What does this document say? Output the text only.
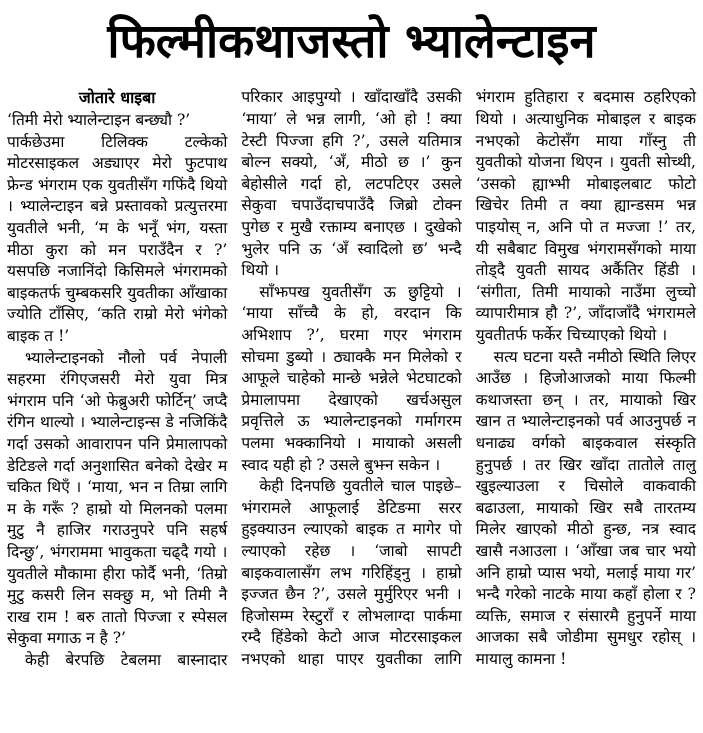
फिल्मीकथाजस्तो भ्यालेन्टाइन
जोतारे धाइबा

‘तिमी मेरो भ्यालेन्टाइन बन्छ्यौ ?’

पार्कछेउमा टिलिक्क टल्केको मोटरसाइकल अड्याएर मेरो फुटपाथ फ्रेन्ड भंगराम एक युवतीसँग गफिंदै थियो । भ्यालेन्टाइन बन्ने प्रस्तावको प्रत्युत्तरमा युवतीले भनी, ‘म के भनूँ भंग, यस्ता मीठा कुरा को मन पराउँदैन र ?’ यसपछि नजानिंदो किसिमले भंगरामको बाइकतर्फ चुम्बकसरि युवतीका आँखाका ज्योति टाँसिए, ‘कति राम्रो मेरो भंगेको बाइक त !’

भ्यालेन्टाइनको नौलो पर्व नेपाली सहरमा रंगिएजसरी मेरो युवा मित्र भंगराम पनि ‘ओ फेब्रुअरी फोर्टिन्’ जप्दै रंगिन थाल्यो । भ्यालेन्टाइन्स डे नजिकिंदै गर्दा उसको आवारापन पनि प्रेमालापको डेटिङले गर्दा अनुशासित बनेको देखेर म चकित थिएँ । ‘माया, भन न तिम्रा लागि म के गरूँ ? हाम्रो यो मिलनको पलमा मुटु नै हाजिर गराउनुपरे पनि सहर्ष दिन्छु’, भंगराममा भावुकता चढ्दै गयो । युवतीले मौकामा हीरा फोर्दै भनी, ‘तिम्रो मुटु कसरी लिन सक्छु म, भो तिमी नै राख राम ! बरु तातो पिज्जा र स्पेसल सेकुवा मगाऊ न है ?’

केही बेरपछि टेबलमा बास्नादार

परिकार आइपुग्यो । खाँदाखाँदै उसकी ‘माया’ ले भन्न लागी, ‘ओ हो ! क्या टेस्टी पिज्जा हगि ?’, उसले यतिमात्र बोल्न सक्यो, ‘अँ, मीठो छ ।’ कुन बेहोसीले गर्दा हो, लटपटिएर उसले सेकुवा चपाउँदाचपाउँदै जिब्रो टोक्न पुगेछ र मुखै रक्ताम्य बनाएछ । दुखेको भुलेर पनि ऊ ‘अँ स्वादिलो छ’ भन्दै थियो ।

साँझपख युवतीसँग ऊ छुट्टियो । ‘माया साँच्चै के हो, वरदान कि अभिशाप ?’, घरमा गएर भंगराम सोचमा डुब्यो । ठ्याक्कै मन मिलेको र आफूले चाहेको मान्छे भन्नेले भेटघाटको प्रेमालापमा देखाएको खर्चअसुल प्रवृत्तिले ऊ भ्यालेन्टाइनको गर्मागरम पलमा भक्कानियो । मायाको असली स्वाद यही हो ? उसले बुझ्न सकेन ।

केही दिनपछि युवतीले चाल पाइछे– भंगरामले आफूलाई डेटिङमा सरर हुइक्याउन ल्याएको बाइक त मागेर पो ल्याएको रहेछ । ‘जाबो सापटी बाइकवालासँग लभ गरिहिंड्नु । हाम्रो इज्जत छैन ?’, उसले मुर्मुरिएर भनी । हिजोसम्म रेस्टुराँ र लोभलाग्दा पार्कमा रम्दै हिंडेको केटो आज मोटरसाइकल नभएको थाहा पाएर युवतीका लागि

भंगराम हुतिहारा र बदमास ठहरिएको थियो । अत्याधुनिक मोबाइल र बाइक नभएको केटोसँग माया गाँस्नु ती युवतीको योजना थिएन । युवती सोच्थी, ‘उसको ह्याभ्भी मोबाइलबाट फोटो खिचेर तिमी त क्या ह्यान्डसम भन्न पाइयोस् न, अनि पो त मज्जा !’ तर, यी सबैबाट विमुख भंगरामसँगको माया तोड्दै युवती सायद अर्कैतिर हिंडी । ‘संगीता, तिमी मायाको नाउँमा लुच्चो व्यापारीमात्र हौ ?’, जाँदाजाँदै भंगरामले युवतीतर्फ फर्केर चिच्याएको थियो ।

सत्य घटना यस्तै नमीठो स्थिति लिएर आउँछ । हिजोआजको माया फिल्मी कथाजस्ता छन् । तर, मायाको खिर खान त भ्यालेन्टाइनको पर्व आउनुपर्छ न धनाढ्य वर्गको बाइकवाल संस्कृति हुनुपर्छ । तर खिर खाँदा तातोले तालु खुइल्याउला र चिसोले वाकवाकी बढाउला, मायाको खिर सबै तारतम्य मिलेर खाएको मीठो हुन्छ, नत्र स्वाद खासै नआउला । ‘आँखा जब चार भयो अनि हाम्रो प्यास भयो, मलाई माया गर’ भन्दै गरेको नाटके माया कहाँ होला र ? व्यक्ति, समाज र संसारमै हुनुपर्ने माया आजका सबै जोडीमा सुमधुर रहोस् । मायालु कामना !
